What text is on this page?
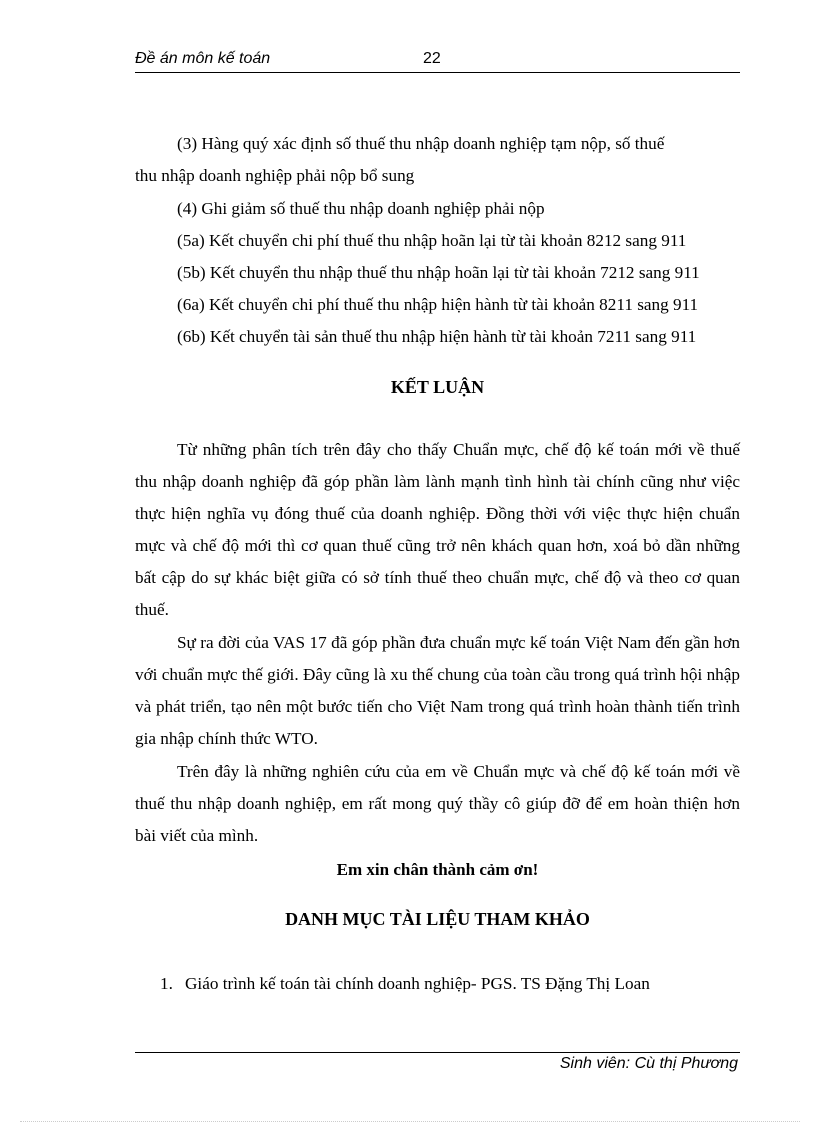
Đề án môn kế toán	22
(3) Hàng quý xác định số thuế thu nhập doanh nghiệp tạm nộp, số thuế
thu nhập doanh nghiệp phải nộp bổ sung
(4) Ghi giảm số thuế thu nhập doanh nghiệp phải nộp
(5a) Kết chuyển chi phí thuế thu nhập hoãn lại từ tài khoản 8212 sang 911
(5b) Kết chuyển thu nhập thuế thu nhập hoãn lại từ tài khoản 7212 sang 911
(6a) Kết chuyển chi phí thuế thu nhập hiện hành từ tài khoản 8211 sang 911
(6b) Kết chuyển tài sản thuế thu nhập hiện hành từ tài khoản 7211 sang 911
KẾT LUẬN
Từ những phân tích trên đây cho thấy Chuẩn mực, chế độ kế toán mới về thuế thu nhập doanh nghiệp đã góp phần làm lành mạnh tình hình tài chính cũng như việc thực hiện nghĩa vụ đóng thuế của doanh nghiệp. Đồng thời với việc thực hiện chuẩn mực và chế độ mới thì cơ quan thuế cũng trở nên khách quan hơn, xoá bỏ dần những bất cập do sự khác biệt giữa có sở tính thuế theo chuẩn mực, chế độ và theo cơ quan thuế.
Sự ra đời của VAS 17 đã góp phần đưa chuẩn mực kế toán Việt Nam đến gần hơn với chuẩn mực thế giới. Đây cũng là xu thế chung của toàn cầu trong quá trình hội nhập và phát triển, tạo nên một bước tiến cho Việt Nam trong quá trình hoàn thành tiến trình gia nhập chính thức WTO.
Trên đây là những nghiên cứu của em về Chuẩn mực và chế độ kế toán mới về thuế thu nhập doanh nghiệp, em rất mong quý thầy cô giúp đỡ để em hoàn thiện hơn bài viết của mình.
Em xin chân thành cảm ơn!
DANH MỤC TÀI LIỆU THAM KHẢO
1. Giáo trình kế toán tài chính doanh nghiệp- PGS. TS Đặng Thị Loan
Sinh viên: Cù thị Phương
